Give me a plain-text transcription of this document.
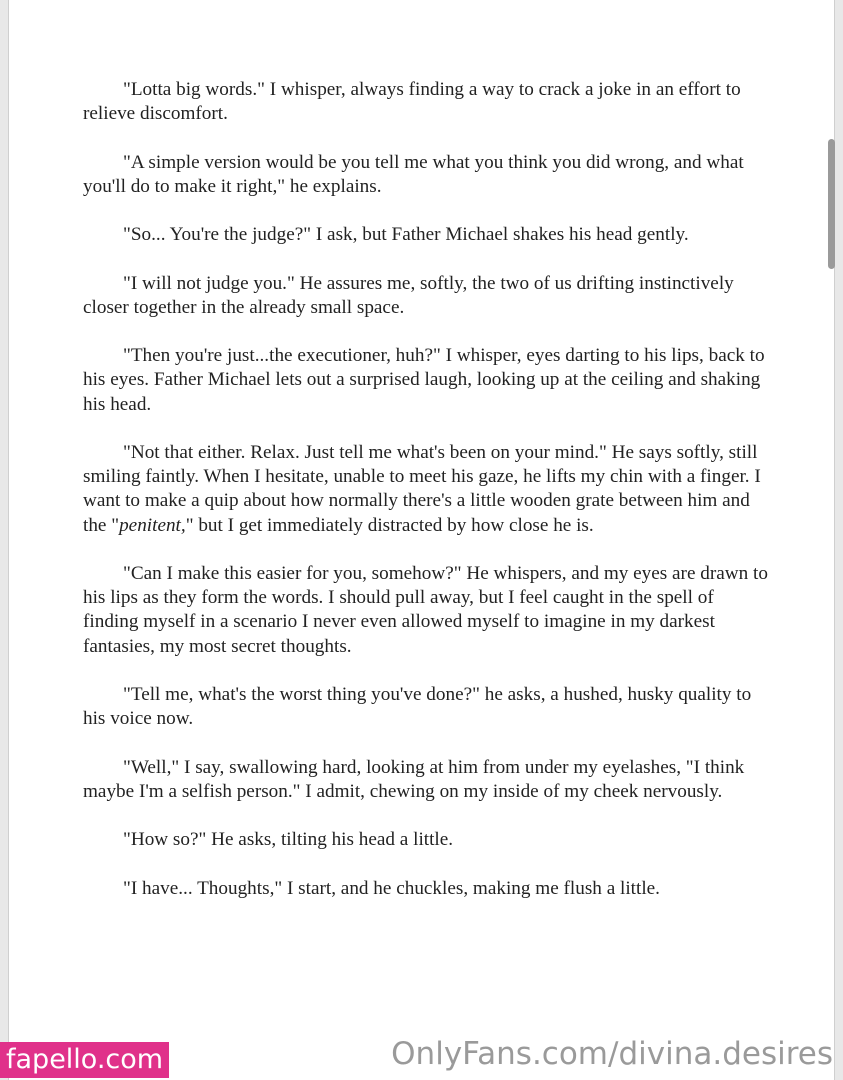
"Lotta big words." I whisper, always finding a way to crack a joke in an effort to relieve discomfort.

"A simple version would be you tell me what you think you did wrong, and what you'll do to make it right," he explains.

"So... You're the judge?" I ask, but Father Michael shakes his head gently.

"I will not judge you." He assures me, softly, the two of us drifting instinctively closer together in the already small space.

"Then you're just...the executioner, huh?" I whisper, eyes darting to his lips, back to his eyes. Father Michael lets out a surprised laugh, looking up at the ceiling and shaking his head.

"Not that either. Relax. Just tell me what's been on your mind." He says softly, still smiling faintly. When I hesitate, unable to meet his gaze, he lifts my chin with a finger. I want to make a quip about how normally there's a little wooden grate between him and the "penitent," but I get immediately distracted by how close he is.

"Can I make this easier for you, somehow?" He whispers, and my eyes are drawn to his lips as they form the words. I should pull away, but I feel caught in the spell of finding myself in a scenario I never even allowed myself to imagine in my darkest fantasies, my most secret thoughts.

"Tell me, what's the worst thing you've done?" he asks, a hushed, husky quality to his voice now.

"Well," I say, swallowing hard, looking at him from under my eyelashes, "I think maybe I'm a selfish person." I admit, chewing on my inside of my cheek nervously.

"How so?" He asks, tilting his head a little.

"I have... Thoughts," I start, and he chuckles, making me flush a little.

fapello.com	OnlyFans.com/divina.desires
